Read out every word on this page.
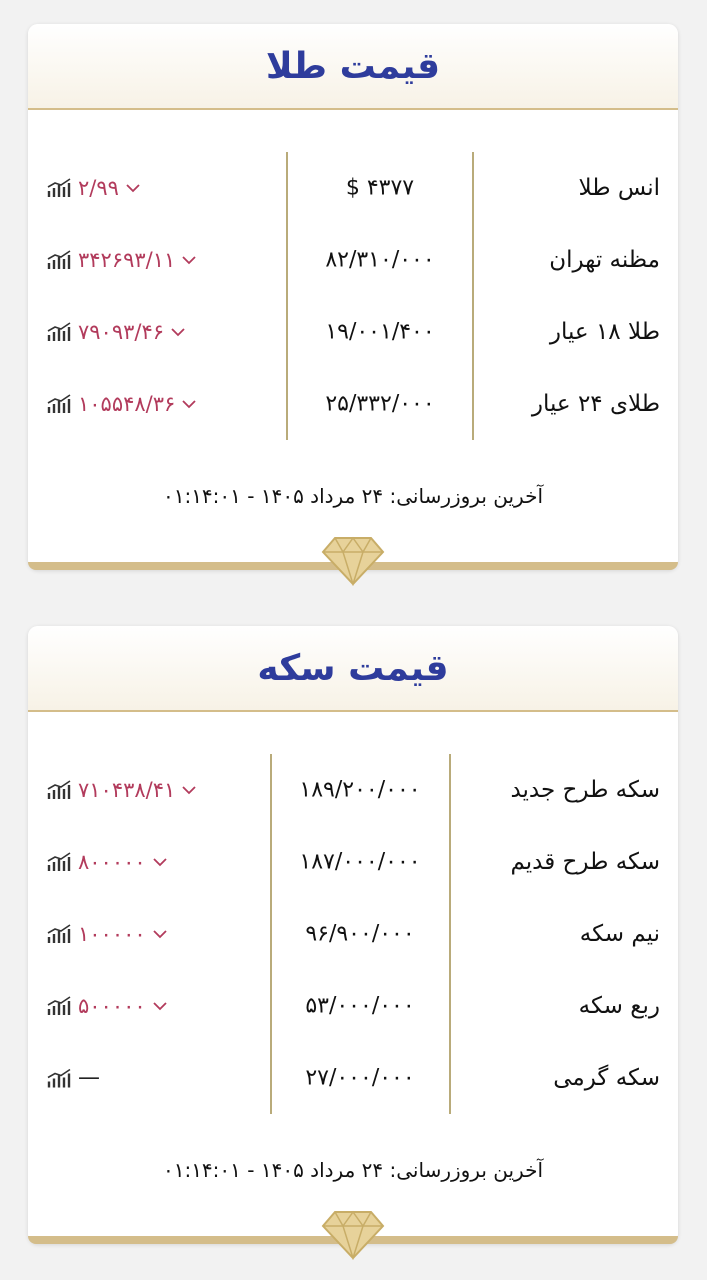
قیمت طلا
انس طلا
$ ۴۳۷۷
۲/۹۹
مظنه تهران
۸۲/۳۱۰/۰۰۰
۳۴۲۶۹۳/۱۱
طلا ۱۸ عیار
۱۹/۰۰۱/۴۰۰
۷۹۰۹۳/۴۶
طلای ۲۴ عیار
۲۵/۳۳۲/۰۰۰
۱۰۵۵۴۸/۳۶
آخرین بروزرسانی: ۲۴ مرداد ۱۴۰۵ - ۰۱:۱۴:۰۱
قیمت سکه
سکه طرح جدید
۱۸۹/۲۰۰/۰۰۰
۷۱۰۴۳۸/۴۱
سکه طرح قدیم
۱۸۷/۰۰۰/۰۰۰
۸۰۰۰۰۰
نیم سکه
۹۶/۹۰۰/۰۰۰
۱۰۰۰۰۰
ربع سکه
۵۳/۰۰۰/۰۰۰
۵۰۰۰۰۰
سکه گرمی
۲۷/۰۰۰/۰۰۰
—
آخرین بروزرسانی: ۲۴ مرداد ۱۴۰۵ - ۰۱:۱۴:۰۱
